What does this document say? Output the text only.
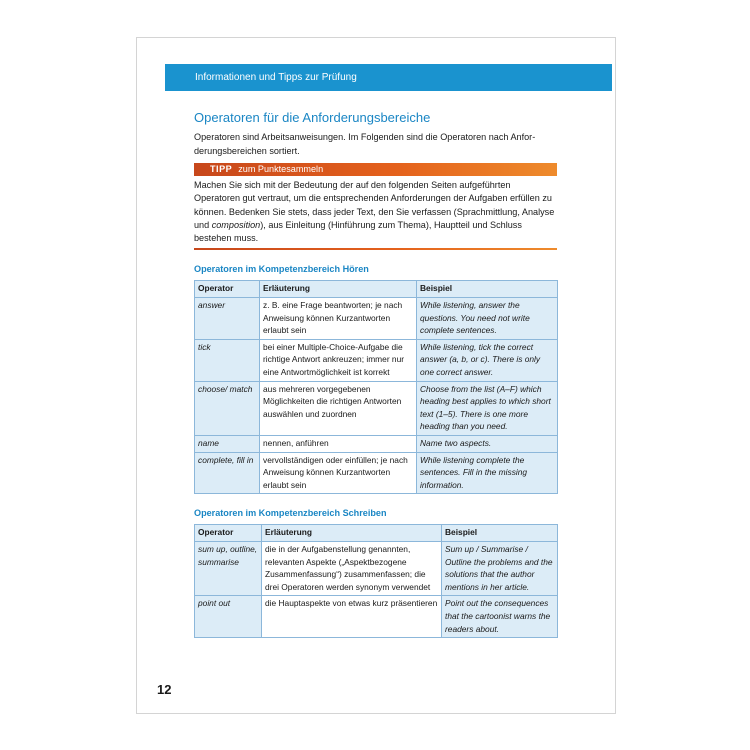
Informationen und Tipps zur Prüfung
Operatoren für die Anforderungsbereiche

Operatoren sind Arbeitsanweisungen. Im Folgenden sind die Operatoren nach Anfor-derungsbereichen sortiert.

TIPP zum Punktesammeln

Machen Sie sich mit der Bedeutung der auf den folgenden Seiten aufgeführten Operatoren gut vertraut, um die entsprechenden Anforderungen der Aufgaben erfüllen zu können. Bedenken Sie stets, dass jeder Text, den Sie verfassen (Sprachmittlung, Analyse und composition), aus Einleitung (Hinführung zum Thema), Hauptteil und Schluss bestehen muss.

Operatoren im Kompetenzbereich Hören
Operator	Erläuterung	Beispiel
answer	z. B. eine Frage beantworten; je nach Anweisung können Kurzantworten erlaubt sein	While listening, answer the questions. You need not write complete sentences.
tick	bei einer Multiple-Choice-Aufgabe die richtige Antwort ankreuzen; immer nur eine Antwortmöglichkeit ist korrekt	While listening, tick the correct answer (a, b, or c). There is only one correct answer.
choose/ match	aus mehreren vorgegebenen Möglichkeiten die richtigen Antworten auswählen und zuordnen	Choose from the list (A–F) which heading best applies to which short text (1–5). There is one more heading than you need.
name	nennen, anführen	Name two aspects.
complete, fill in	vervollständigen oder einfüllen; je nach Anweisung können Kurzantworten erlaubt sein	While listening complete the sentences. Fill in the missing information.
Operatoren im Kompetenzbereich Schreiben
Operator	Erläuterung	Beispiel
sum up, outline, summarise	die in der Aufgabenstellung genannten, relevanten Aspekte („Aspektbezogene Zusammenfassung“) zusammenfassen; die drei Operatoren werden synonym verwendet	Sum up / Summarise / Outline the problems and the solutions that the author mentions in her article.
point out	die Hauptaspekte von etwas kurz präsentieren	Point out the consequences that the cartoonist warns the readers about.
12
